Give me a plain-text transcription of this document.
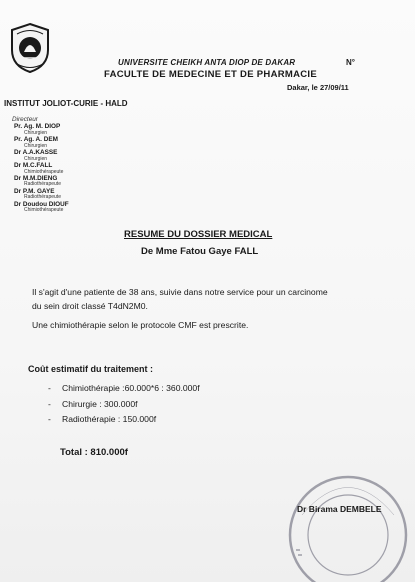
UNIVERSITE CHEIKH ANTA DIOP DE DAKAR	N°
FACULTE DE MEDECINE ET DE PHARMACIE
Dakar, le 27/09/11
INSTITUT JOLIOT-CURIE - HALD
Directeur
Pr. Ag. M. DIOP
Chirurgien
Pr. Ag. A. DEM
Chirurgien
Dr A.A.KASSE
Chirurgien
Dr M.C.FALL
Chimiothérapeute
Dr M.M.DIENG
Radiothérapeute
Dr P.M. GAYE
Radiothérapeute
Dr Doudou DIOUF
Chimiothérapeute
RESUME DU DOSSIER MEDICAL
De Mme Fatou Gaye FALL
Il s'agit d'une patiente de 38 ans, suivie dans notre service pour un carcinome
du sein droit classé T4dN2M0.
Une chimiothérapie selon le protocole CMF est prescrite.
Coût estimatif du traitement :
- Chimiothérapie :60.000*6 : 360.000f
- Chirurgie : 300.000f
- Radiothérapie : 150.000f
Total : 810.000f
Dr Birama DEMBELE
